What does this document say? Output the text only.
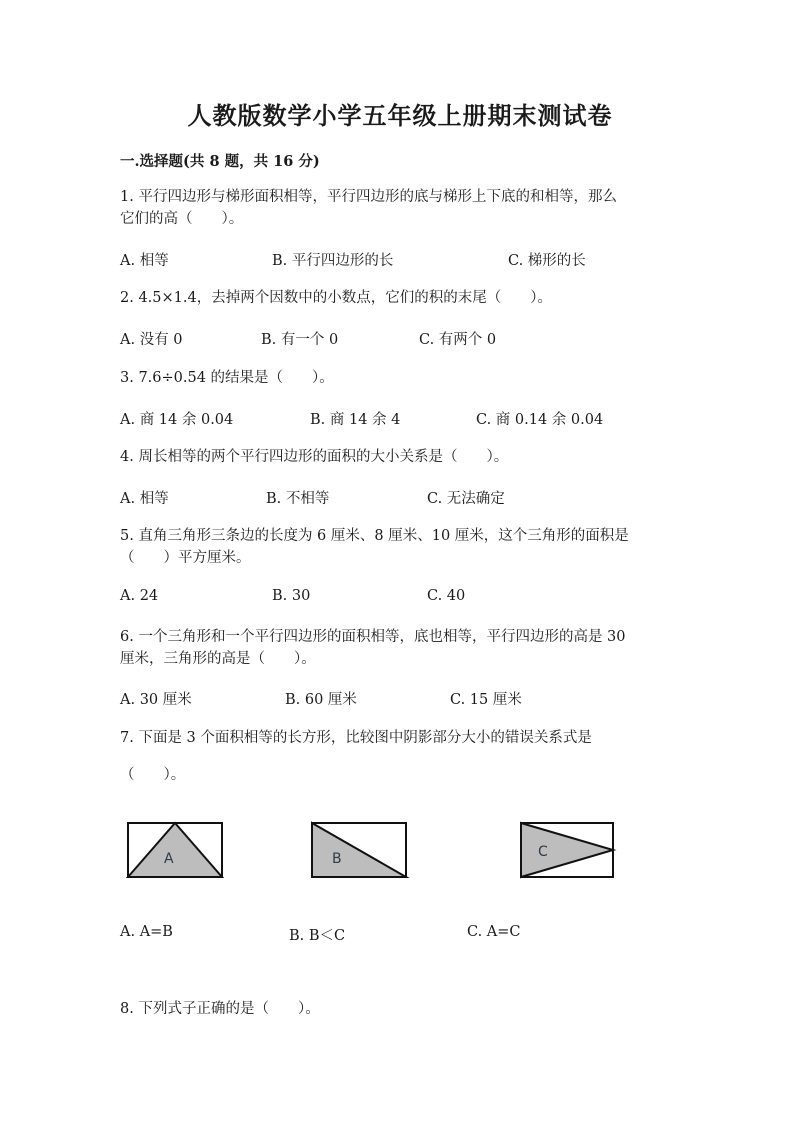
人教版数学小学五年级上册期末测试卷
一.选择题(共 8 题，共 16 分)
1. 平行四边形与梯形面积相等，平行四边形的底与梯形上下底的和相等，那么
它们的高（　　）。
A. 相等	B. 平行四边形的长	C. 梯形的长
2. 4.5×1.4，去掉两个因数中的小数点，它们的积的末尾（　　）。
A. 没有 0	B. 有一个 0	C. 有两个 0
3. 7.6÷0.54 的结果是（　　）。
A. 商 14 余 0.04	B. 商 14 余 4	C. 商 0.14 余 0.04
4. 周长相等的两个平行四边形的面积的大小关系是（　　）。
A. 相等	B. 不相等	C. 无法确定
5. 直角三角形三条边的长度为 6 厘米、8 厘米、10 厘米，这个三角形的面积是
（　　）平方厘米。
A. 24	B. 30	C. 40
6. 一个三角形和一个平行四边形的面积相等，底也相等，平行四边形的高是 30
厘米，三角形的高是（　　）。
A. 30 厘米	B. 60 厘米	C. 15 厘米
7. 下面是 3 个面积相等的长方形，比较图中阴影部分大小的错误关系式是
（　　）。
A	B	C
A. A=B	B. B＜C	C. A=C
8. 下列式子正确的是（　　）。
